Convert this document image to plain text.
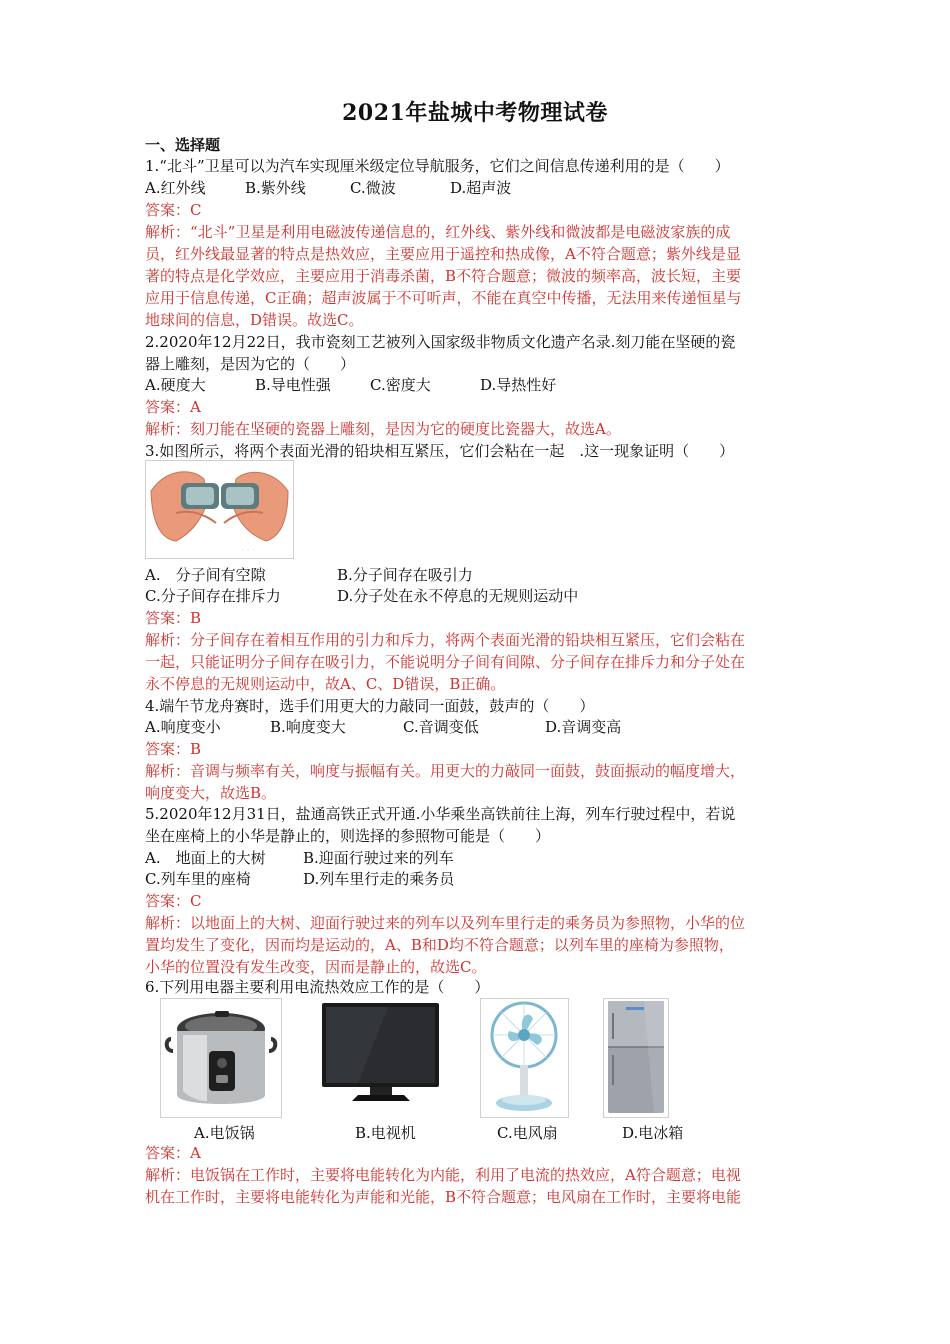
2021年盐城中考物理试卷
一、选择题
1.“北斗”卫星可以为汽车实现厘米级定位导航服务，它们之间信息传递利用的是（　　）
A.红外线	B.紫外线	C.微波	D.超声波
答案：C
解析：“北斗”卫星是利用电磁波传递信息的，红外线、紫外线和微波都是电磁波家族的成
员，红外线最显著的特点是热效应，主要应用于遥控和热成像，A不符合题意；紫外线是显
著的特点是化学效应，主要应用于消毒杀菌，B不符合题意；微波的频率高，波长短，主要
应用于信息传递，C正确；超声波属于不可听声，不能在真空中传播，无法用来传递恒星与
地球间的信息，D错误。故选C。
2.2020年12月22日，我市瓷刻工艺被列入国家级非物质文化遗产名录.刻刀能在坚硬的瓷
器上雕刻，是因为它的（　　）
A.硬度大	B.导电性强	C.密度大	D.导热性好
答案：A
解析：刻刀能在坚硬的瓷器上雕刻，是因为它的硬度比瓷器大，故选A。
3.如图所示，将两个表面光滑的铅块相互紧压，它们会粘在一起　.这一现象证明（　　）
· · ·
A.　分子间有空隙	B.分子间存在吸引力
C.分子间存在排斥力	D.分子处在永不停息的无规则运动中
答案：B
解析：分子间存在着相互作用的引力和斥力，将两个表面光滑的铅块相互紧压，它们会粘在
一起，只能证明分子间存在吸引力，不能说明分子间有间隙、分子间存在排斥力和分子处在
永不停息的无规则运动中，故A、C、D错误，B正确。
4.端午节龙舟赛时，选手们用更大的力敲同一面鼓，鼓声的（　　）
A.响度变小	B.响度变大	C.音调变低	D.音调变高
答案：B
解析：音调与频率有关，响度与振幅有关。用更大的力敲同一面鼓，鼓面振动的幅度增大，
响度变大，故选B。
5.2020年12月31日，盐通高铁正式开通.小华乘坐高铁前往上海，列车行驶过程中，若说
坐在座椅上的小华是静止的，则选择的参照物可能是（　　）
A.　地面上的大树 B.迎面行驶过来的列车
C.列车里的座椅	D.列车里行走的乘务员
答案：C
解析：以地面上的大树、迎面行驶过来的列车以及列车里行走的乘务员为参照物，小华的位
置均发生了变化，因而均是运动的，A、B和D均不符合题意；以列车里的座椅为参照物，
小华的位置没有发生改变，因而是静止的，故选C。
6.下列用电器主要利用电流热效应工作的是（　　）
A.电饭锅	B.电视机	C.电风扇	D.电冰箱
答案：A
解析：电饭锅在工作时，主要将电能转化为内能，利用了电流的热效应，A符合题意；电视
机在工作时，主要将电能转化为声能和光能，B不符合题意；电风扇在工作时，主要将电能
